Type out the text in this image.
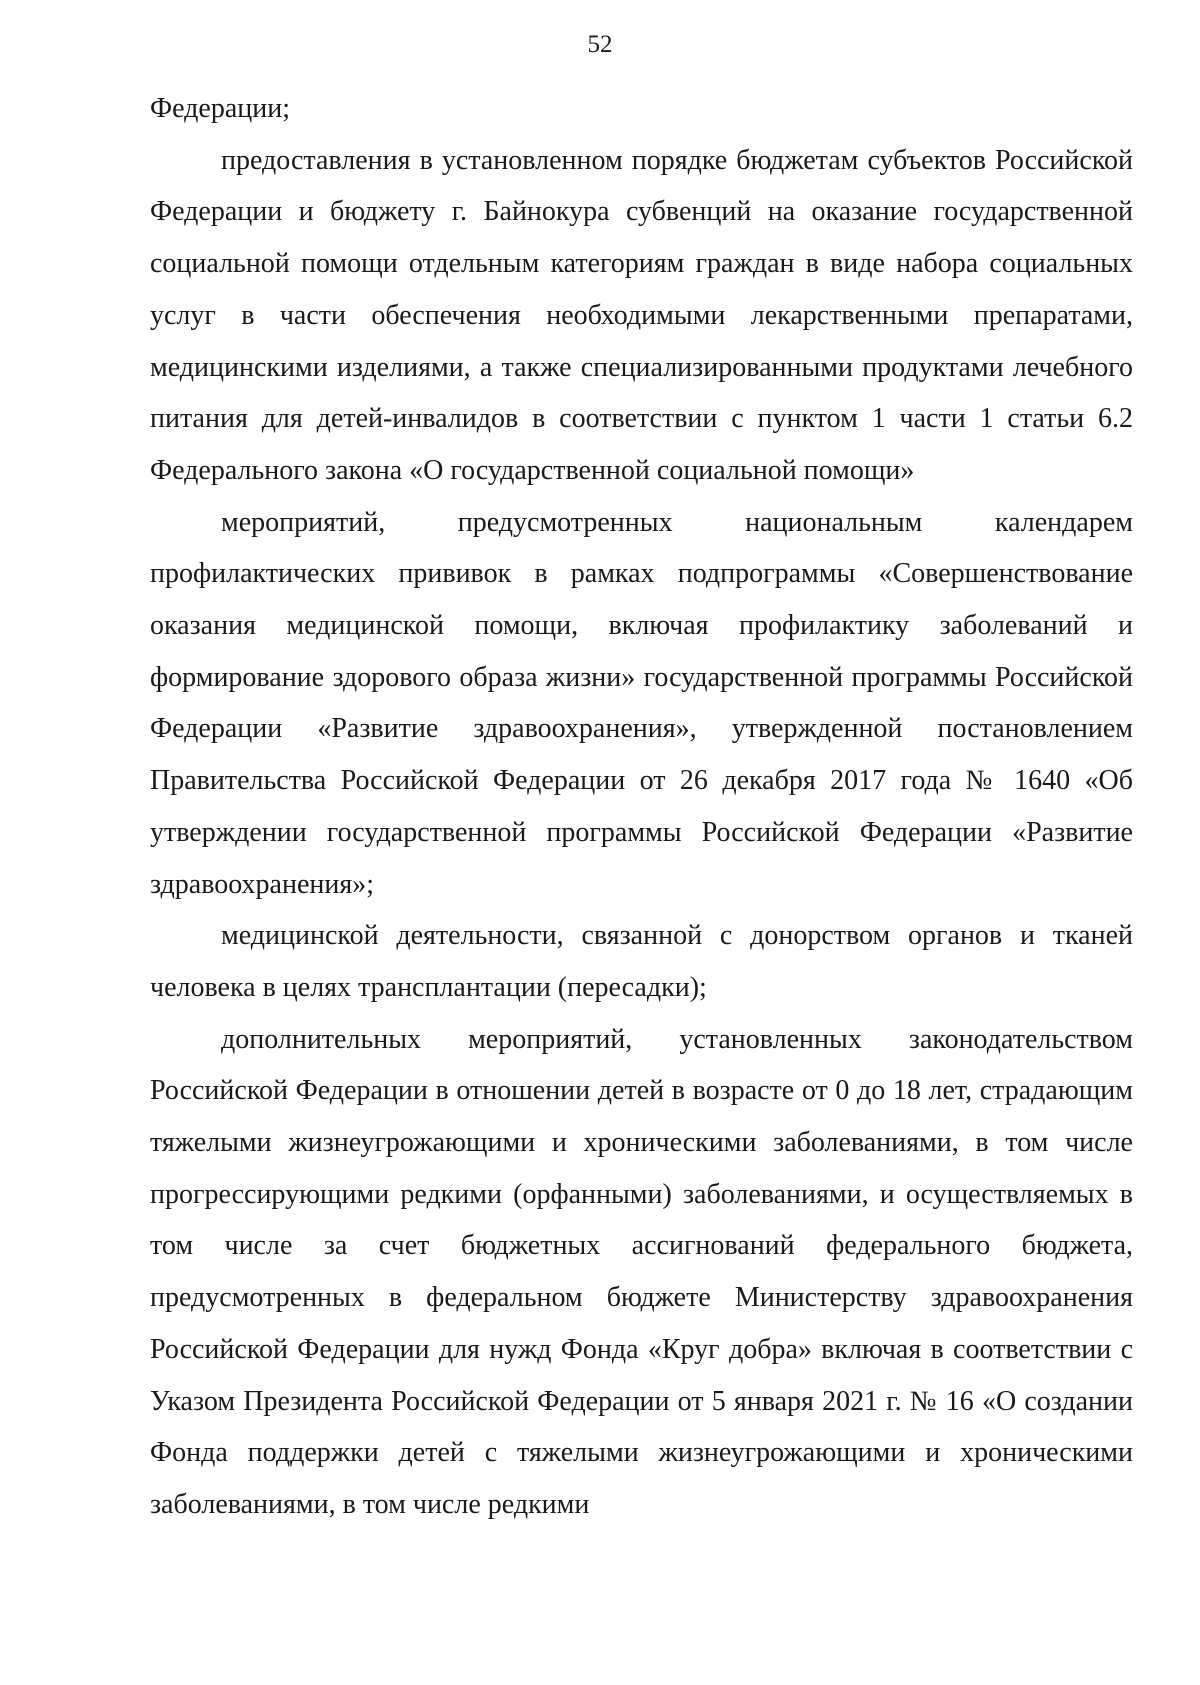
52

Федерации;

предоставления в установленном порядке бюджетам субъектов Российской Федерации и бюджету г. Байнокура субвенций на оказание государственной социальной помощи отдельным категориям граждан в виде набора социальных услуг в части обеспечения необходимыми лекарственными препаратами, медицинскими изделиями, а также специализированными продуктами лечебного питания для детей-инвалидов в соответствии с пунктом 1 части 1 статьи 6.2 Федерального закона «О государственной социальной помощи»

мероприятий, предусмотренных национальным календарем профилактических прививок в рамках подпрограммы «Совершенствование оказания медицинской помощи, включая профилактику заболеваний и формирование здорового образа жизни» государственной программы Российской Федерации «Развитие здравоохранения», утвержденной постановлением Правительства Российской Федерации от 26 декабря 2017 года № 1640 «Об утверждении государственной программы Российской Федерации «Развитие здравоохранения»;

медицинской деятельности, связанной с донорством органов и тканей человека в целях трансплантации (пересадки);

дополнительных мероприятий, установленных законодательством Российской Федерации в отношении детей в возрасте от 0 до 18 лет, страдающим тяжелыми жизнеугрожающими и хроническими заболеваниями, в том числе прогрессирующими редкими (орфанными) заболеваниями, и осуществляемых в том числе за счет бюджетных ассигнований федерального бюджета, предусмотренных в федеральном бюджете Министерству здравоохранения Российской Федерации для нужд Фонда «Круг добра» включая в соответствии с Указом Президента Российской Федерации от 5 января 2021 г. № 16 «О создании Фонда поддержки детей с тяжелыми жизнеугрожающими и хроническими заболеваниями, в том числе редкими
